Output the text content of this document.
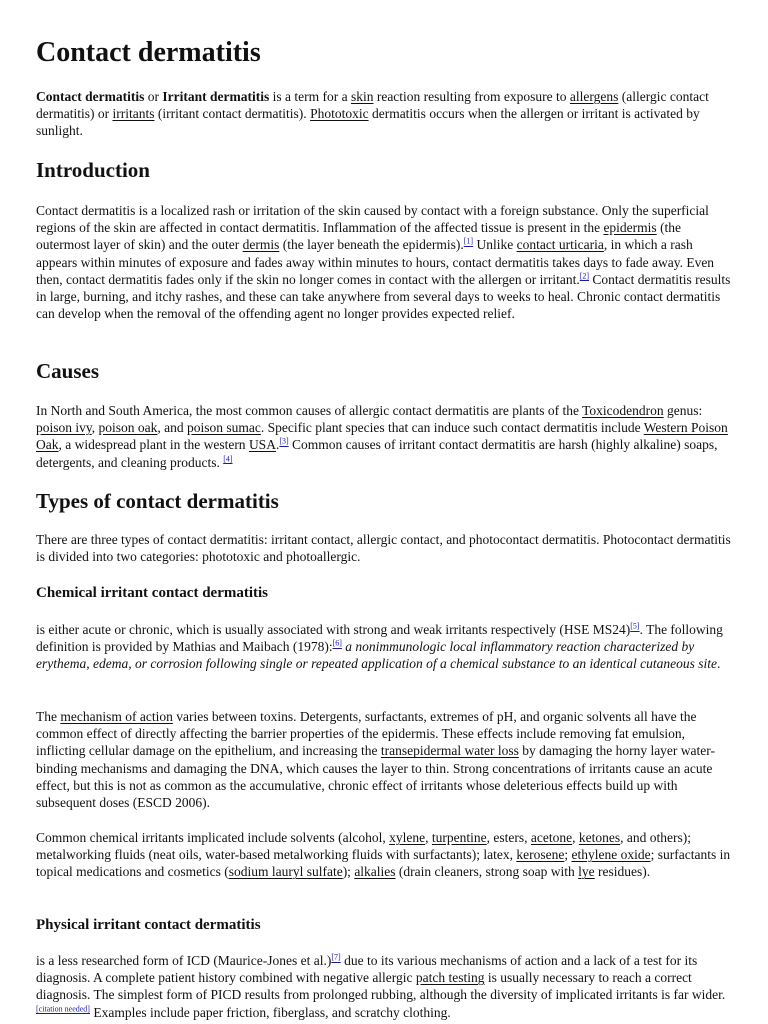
Contact dermatitis

Contact dermatitis or Irritant dermatitis is a term for a skin reaction resulting from exposure to allergens (allergic contact dermatitis) or irritants (irritant contact dermatitis). Phototoxic dermatitis occurs when the allergen or irritant is activated by sunlight.

Introduction

Contact dermatitis is a localized rash or irritation of the skin caused by contact with a foreign substance. Only the superficial regions of the skin are affected in contact dermatitis. Inflammation of the affected tissue is present in the epidermis (the outermost layer of skin) and the outer dermis (the layer beneath the epidermis).[1] Unlike contact urticaria, in which a rash appears within minutes of exposure and fades away within minutes to hours, contact dermatitis takes days to fade away. Even then, contact dermatitis fades only if the skin no longer comes in contact with the allergen or irritant.[2] Contact dermatitis results in large, burning, and itchy rashes, and these can take anywhere from several days to weeks to heal. Chronic contact dermatitis can develop when the removal of the offending agent no longer provides expected relief.

Causes

In North and South America, the most common causes of allergic contact dermatitis are plants of the Toxicodendron genus: poison ivy, poison oak, and poison sumac. Specific plant species that can induce such contact dermatitis include Western Poison Oak, a widespread plant in the western USA.[3] Common causes of irritant contact dermatitis are harsh (highly alkaline) soaps, detergents, and cleaning products. [4]

Types of contact dermatitis

There are three types of contact dermatitis: irritant contact, allergic contact, and photocontact dermatitis. Photocontact dermatitis is divided into two categories: phototoxic and photoallergic.

Chemical irritant contact dermatitis

is either acute or chronic, which is usually associated with strong and weak irritants respectively (HSE MS24)[5]. The following definition is provided by Mathias and Maibach (1978):[6] a nonimmunologic local inflammatory reaction characterized by erythema, edema, or corrosion following single or repeated application of a chemical substance to an identical cutaneous site.

The mechanism of action varies between toxins. Detergents, surfactants, extremes of pH, and organic solvents all have the common effect of directly affecting the barrier properties of the epidermis. These effects include removing fat emulsion, inflicting cellular damage on the epithelium, and increasing the transepidermal water loss by damaging the horny layer water-binding mechanisms and damaging the DNA, which causes the layer to thin. Strong concentrations of irritants cause an acute effect, but this is not as common as the accumulative, chronic effect of irritants whose deleterious effects build up with subsequent doses (ESCD 2006).

Common chemical irritants implicated include solvents (alcohol, xylene, turpentine, esters, acetone, ketones, and others); metalworking fluids (neat oils, water-based metalworking fluids with surfactants); latex, kerosene; ethylene oxide; surfactants in topical medications and cosmetics (sodium lauryl sulfate); alkalies (drain cleaners, strong soap with lye residues).

Physical irritant contact dermatitis

is a less researched form of ICD (Maurice-Jones et al.)[7] due to its various mechanisms of action and a lack of a test for its diagnosis. A complete patient history combined with negative allergic patch testing is usually necessary to reach a correct diagnosis. The simplest form of PICD results from prolonged rubbing, although the diversity of implicated irritants is far wider.[citation needed] Examples include paper friction, fiberglass, and scratchy clothing.
